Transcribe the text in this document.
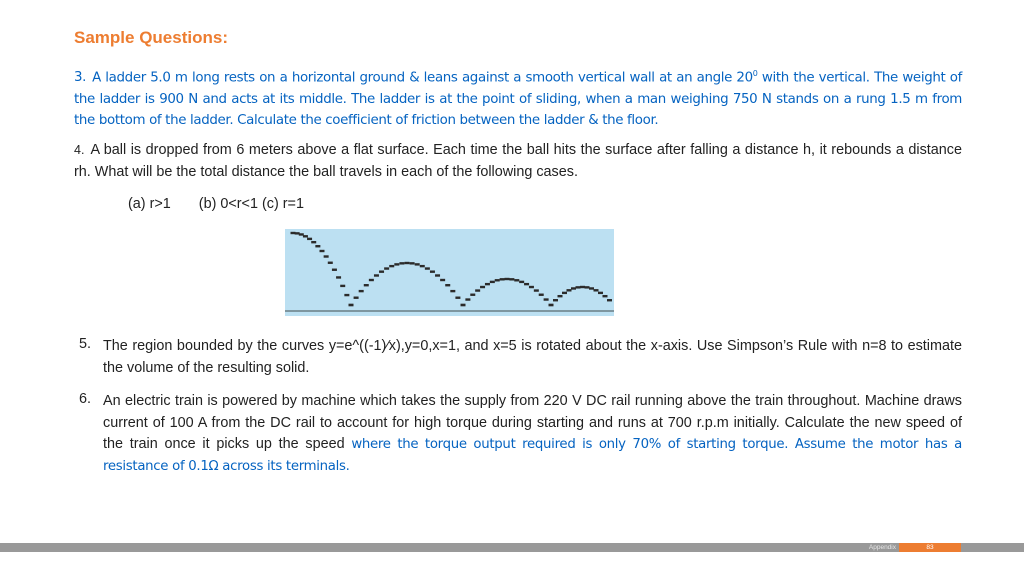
Sample Questions:
3. A ladder 5.0 m long rests on a horizontal ground & leans against a smooth vertical wall at an angle $20^0$ with the vertical. The weight of the ladder is 900 N and acts at its middle. The ladder is at the point of sliding, when a man weighing 750 N stands on a rung 1.5 m from the bottom of the ladder. Calculate the coefficient of friction between the ladder & the floor.
4. A ball is dropped from 6 meters above a flat surface. Each time the ball hits the surface after falling a distance h, it rebounds a distance rh. What will be the total distance the ball travels in each of the following cases.
(a) r>1       (b) 0<r<1 (c) r=1
5. The region bounded by the curves y=e^((-1)⁄x),y=0,x=1, and x=5 is rotated about the x-axis. Use Simpson’s Rule with n=8 to estimate the volume of the resulting solid.
6. An electric train is powered by machine which takes the supply from 220 V DC rail running above the train throughout. Machine draws current of 100 A from the DC rail to account for high torque during starting and runs at 700 r.p.m initially. Calculate the new speed of the train once it picks up the speed where the torque output required is only 70% of starting torque. Assume the motor has a resistance of 0.1Ω across its terminals.
Appendix	83
